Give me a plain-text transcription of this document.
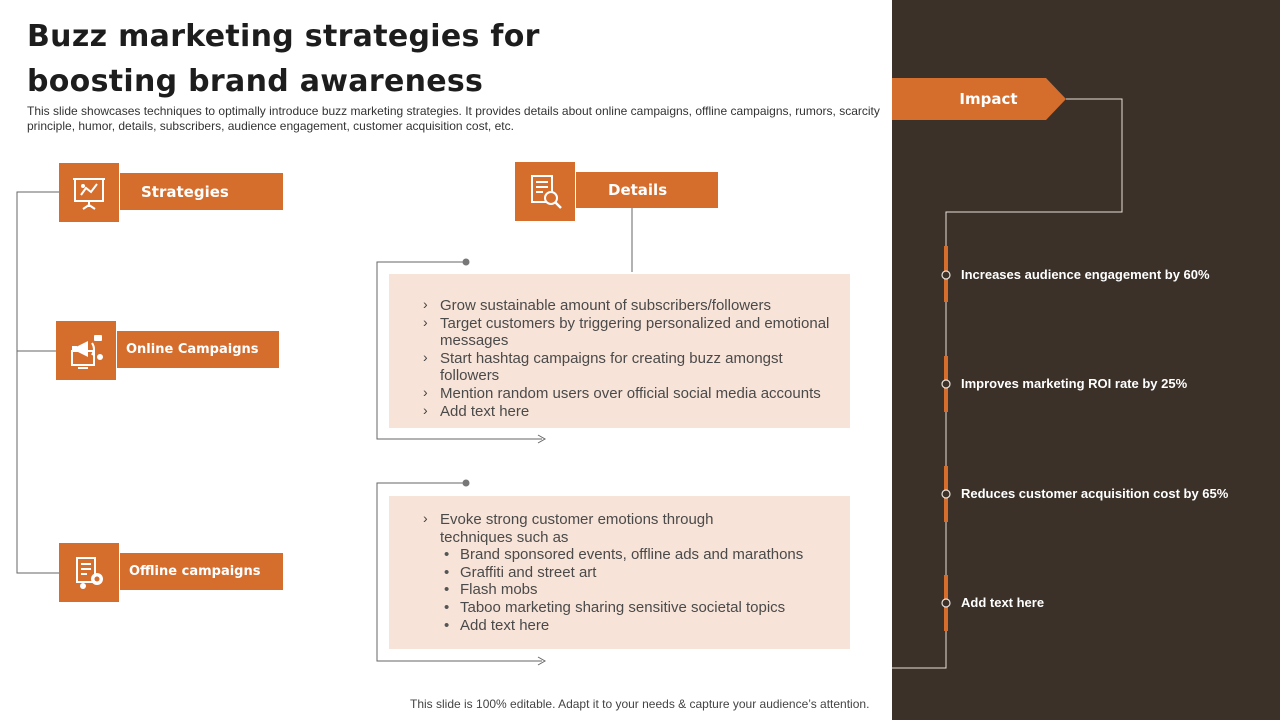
Buzz marketing strategies for boosting brand awareness
This slide showcases techniques to optimally introduce buzz marketing strategies. It provides details about online campaigns, offline campaigns, rumors, scarcity principle, humor, details, subscribers, audience engagement, customer acquisition cost, etc.
Strategies
Online Campaigns
Offline campaigns
Details
› Grow sustainable amount of subscribers/followers
› Target customers by triggering personalized and emotional messages
› Start hashtag campaigns for creating buzz amongst followers
› Mention random users over official social media accounts
› Add text here
› Evoke strong customer emotions through techniques such as
• Brand sponsored events, offline ads and marathons
• Graffiti and street art
• Flash mobs
• Taboo marketing sharing sensitive societal topics
• Add text here
Impact
Increases audience engagement by 60%
Improves marketing ROI rate by 25%
Reduces customer acquisition cost by 65%
Add text here
This slide is 100% editable. Adapt it to your needs & capture your audience’s attention.
